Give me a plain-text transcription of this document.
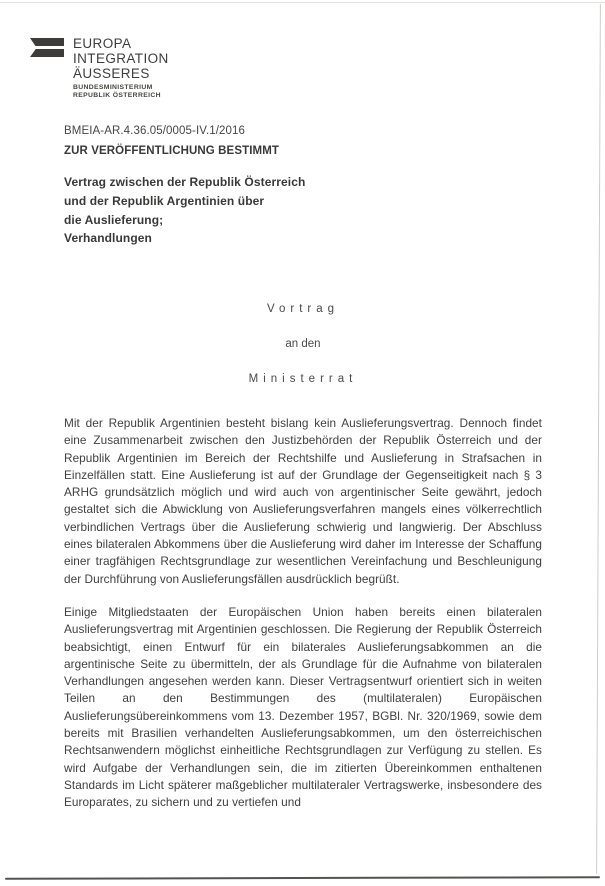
EUROPA
INTEGRATION
ÄUSSERES
BUNDESMINISTERIUM
REPUBLIK ÖSTERREICH
BMEIA-AR.4.36.05/0005-IV.1/2016
ZUR VERÖFFENTLICHUNG BESTIMMT
Vertrag zwischen der Republik Österreich
und der Republik Argentinien über
die Auslieferung;
Verhandlungen
Vortrag
an den
Ministerrat

Mit der Republik Argentinien besteht bislang kein Auslieferungsvertrag. Dennoch findet eine Zusammenarbeit zwischen den Justizbehörden der Republik Österreich und der Republik Argentinien im Bereich der Rechtshilfe und Auslieferung in Strafsachen in Einzelfällen statt. Eine Auslieferung ist auf der Grundlage der Gegenseitigkeit nach § 3 ARHG grundsätzlich möglich und wird auch von argentinischer Seite gewährt, jedoch gestaltet sich die Abwicklung von Auslieferungsverfahren mangels eines völkerrechtlich verbindlichen Vertrags über die Auslieferung schwierig und langwierig. Der Abschluss eines bilateralen Abkommens über die Auslieferung wird daher im Interesse der Schaffung einer tragfähigen Rechtsgrundlage zur wesentlichen Vereinfachung und Beschleunigung der Durchführung von Auslieferungsfällen ausdrücklich begrüßt.

Einige Mitgliedstaaten der Europäischen Union haben bereits einen bilateralen Auslieferungsvertrag mit Argentinien geschlossen. Die Regierung der Republik Österreich beabsichtigt, einen Entwurf für ein bilaterales Auslieferungsabkommen an die argentinische Seite zu übermitteln, der als Grundlage für die Aufnahme von bilateralen Verhandlungen angesehen werden kann. Dieser Vertragsentwurf orientiert sich in weiten Teilen an den Bestimmungen des (multilateralen) Europäischen Auslieferungsübereinkommens vom 13. Dezember 1957, BGBl. Nr. 320/1969, sowie dem bereits mit Brasilien verhandelten Auslieferungsabkommen, um den österreichischen Rechtsanwendern möglichst einheitliche Rechtsgrundlagen zur Verfügung zu stellen. Es wird Aufgabe der Verhandlungen sein, die im zitierten Übereinkommen enthaltenen Standards im Licht späterer maßgeblicher multilateraler Vertragswerke, insbesondere des Europarates, zu sichern und zu vertiefen und
